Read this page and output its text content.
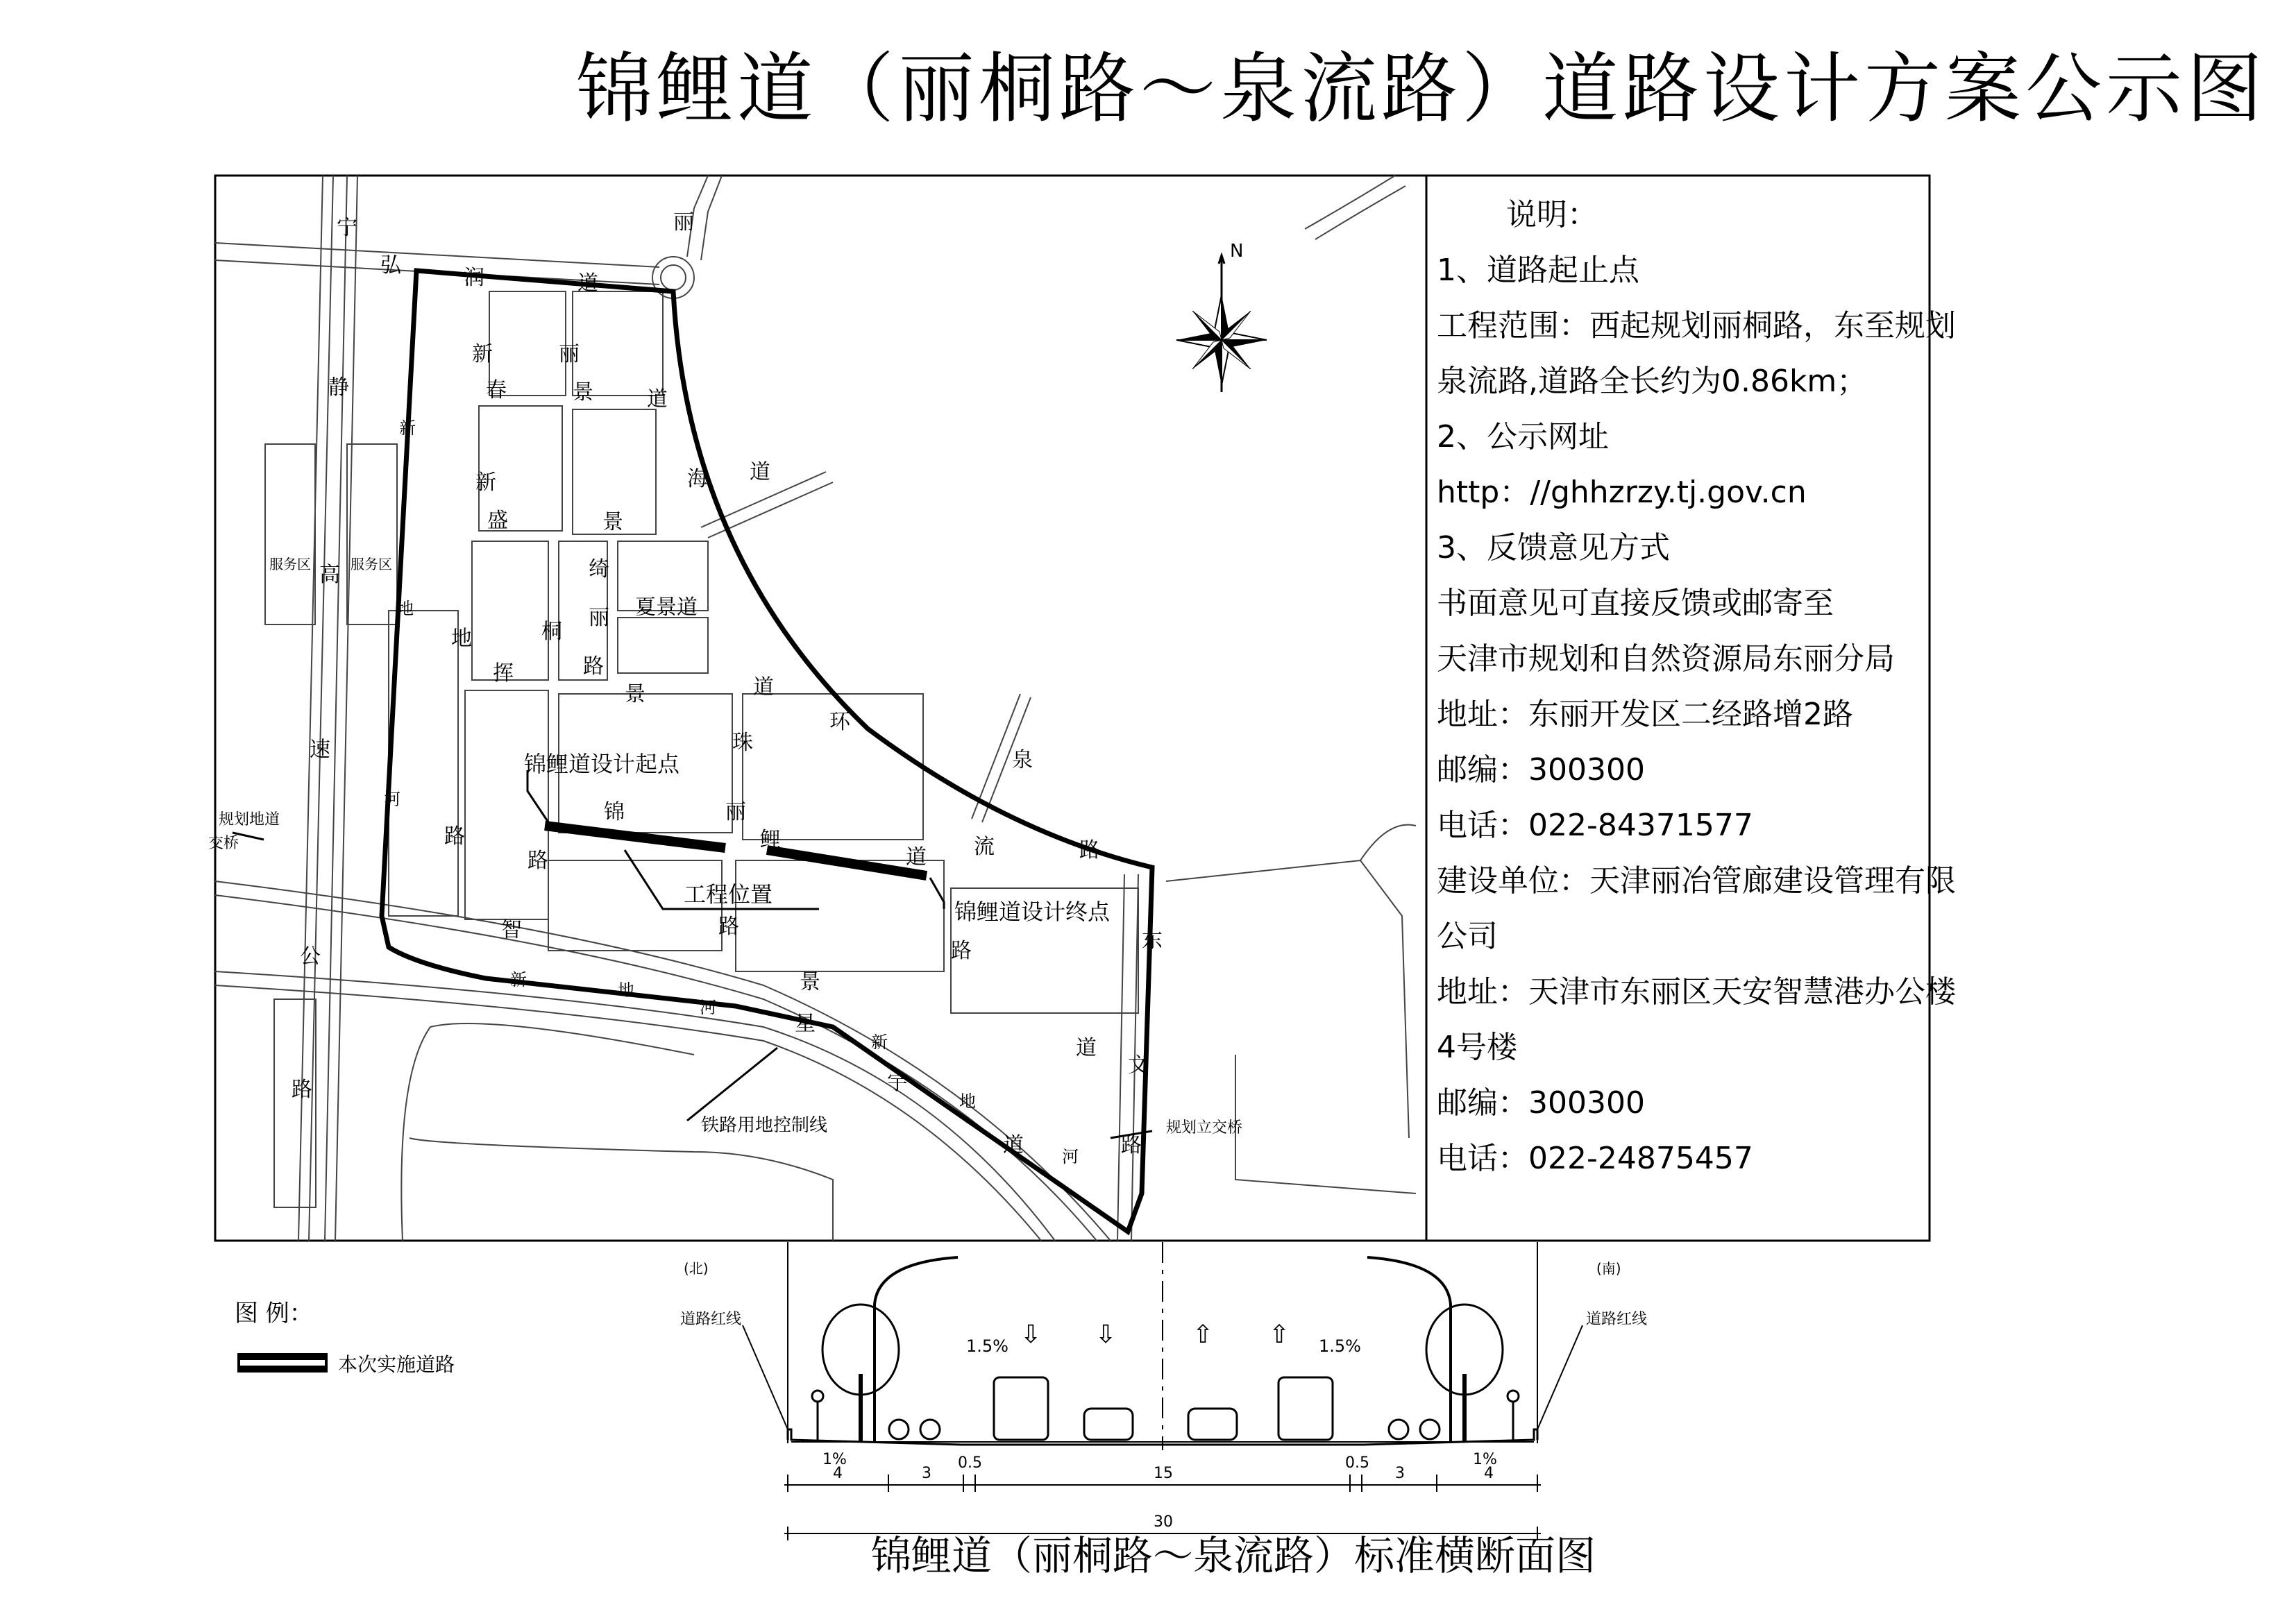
锦鲤道（丽桐路～泉流路）道路设计方案公示图
N
宁
静
高
速
公
路
弘
润	道
丽
新
地
河
路
新
春
丽
景	道
新
盛	景
绮
丽
桐
路
夏景道
地
挥
景	道
海 道
环
珠
泉
流	路
锦	丽
鲤
道
路
智	路
路
景
东
新
地
河
星
新
宇
地
道
道
河
文
路
服务区	服务区
规划地道
交桥
规划立交桥
铁路用地控制线
锦鲤道设计起点
锦鲤道设计终点
工程位置
⇩ ⇩	⇧ ⇧
1.5%	1.5%
1%	1%
(北)	(南)
道路红线	道路红线
4	3
0.5
15
0.5
3	4
30
说明：
1、道路起止点
工程范围：西起规划丽桐路，东至规划
泉流路,道路全长约为0.86km；
2、公示网址
http：//ghhzrzy.tj.gov.cn
3、反馈意见方式
书面意见可直接反馈或邮寄至
天津市规划和自然资源局东丽分局
地址：东丽开发区二经路增2路
邮编：300300
电话：022-84371577
建设单位：天津丽冶管廊建设管理有限
公司
地址：天津市东丽区天安智慧港办公楼
4号楼
邮编：300300
电话：022-24875457
图 例：
本次实施道路
锦鲤道（丽桐路～泉流路）标准横断面图
